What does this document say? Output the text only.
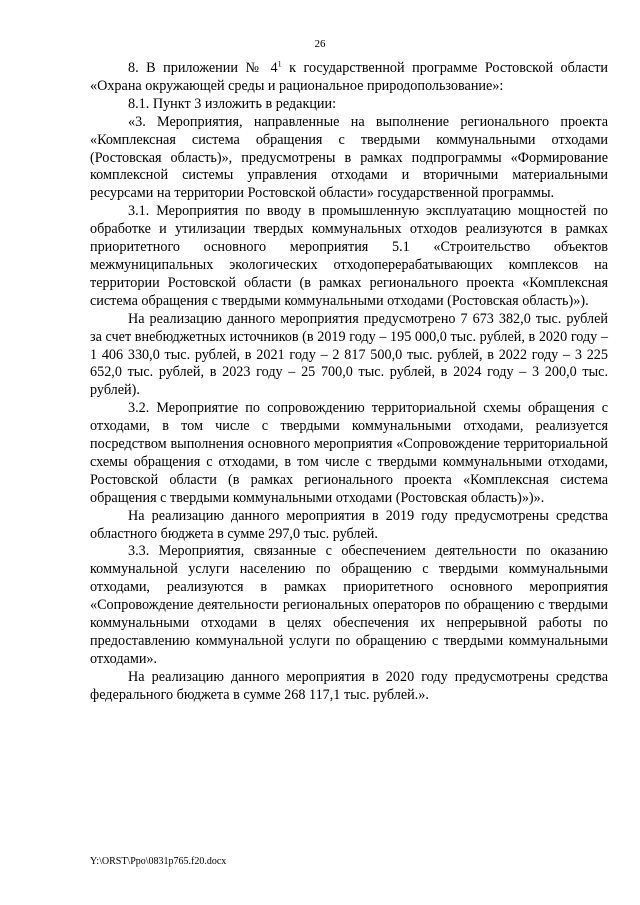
26

8. В приложении № $4^1$ к государственной программе Ростовской области «Охрана окружающей среды и рациональное природопользование»:

8.1. Пункт 3 изложить в редакции:

«3. Мероприятия, направленные на выполнение регионального проекта «Комплексная система обращения с твердыми коммунальными отходами (Ростовская область)», предусмотрены в рамках подпрограммы «Формирование комплексной системы управления отходами и вторичными материальными ресурсами на территории Ростовской области» государственной программы.

3.1. Мероприятия по вводу в промышленную эксплуатацию мощностей по обработке и утилизации твердых коммунальных отходов реализуются в рамках приоритетного основного мероприятия 5.1 «Строительство объектов межмуниципальных экологических отходоперерабатывающих комплексов на территории Ростовской области (в рамках регионального проекта «Комплексная система обращения с твердыми коммунальными отходами (Ростовская область)»).

На реализацию данного мероприятия предусмотрено 7 673 382,0 тыс. рублей за счет внебюджетных источников (в 2019 году – 195 000,0 тыс. рублей, в 2020 году – 1 406 330,0 тыс. рублей, в 2021 году – 2 817 500,0 тыс. рублей, в 2022 году – 3 225 652,0 тыс. рублей, в 2023 году – 25 700,0 тыс. рублей, в 2024 году – 3 200,0 тыс. рублей).

3.2. Мероприятие по сопровождению территориальной схемы обращения с отходами, в том числе с твердыми коммунальными отходами, реализуется посредством выполнения основного мероприятия «Сопровождение территориальной схемы обращения с отходами, в том числе с твердыми коммунальными отходами, Ростовской области (в рамках регионального проекта «Комплексная система обращения с твердыми коммунальными отходами (Ростовская область)»)».

На реализацию данного мероприятия в 2019 году предусмотрены средства областного бюджета в сумме 297,0 тыс. рублей.

3.3. Мероприятия, связанные с обеспечением деятельности по оказанию коммунальной услуги населению по обращению с твердыми коммунальными отходами, реализуются в рамках приоритетного основного мероприятия «Сопровождение деятельности региональных операторов по обращению с твердыми коммунальными отходами в целях обеспечения их непрерывной работы по предоставлению коммунальной услуги по обращению с твердыми коммунальными отходами».

На реализацию данного мероприятия в 2020 году предусмотрены средства федерального бюджета в сумме 268 117,1 тыс. рублей.».

Y:\ORST\Ppo\0831p765.f20.docx
